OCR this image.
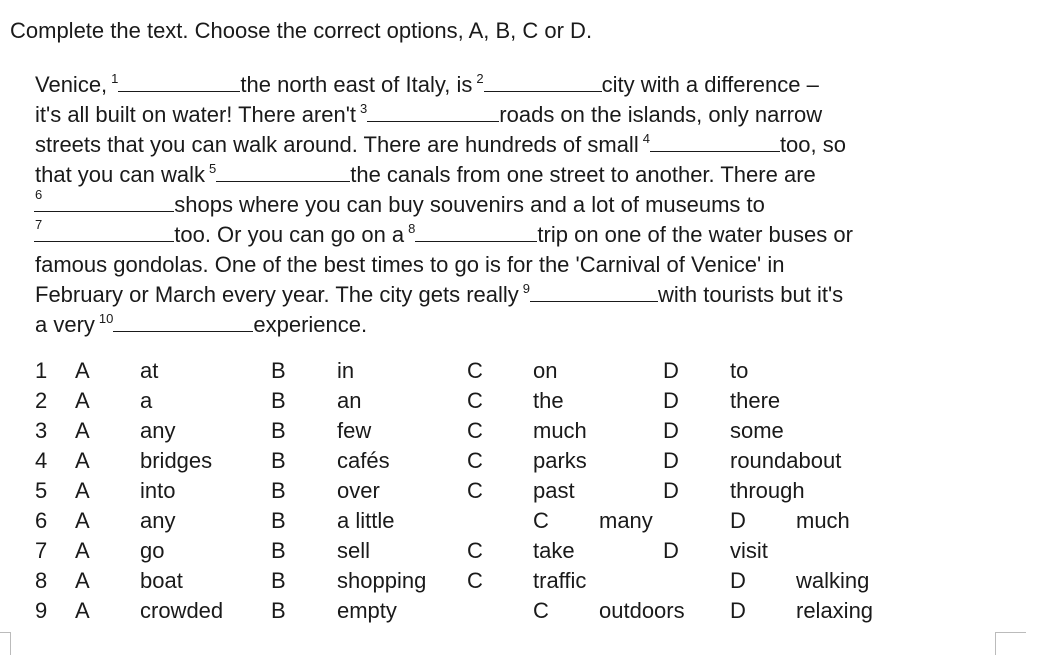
Complete the text. Choose the correct options, A, B, C or D.
Venice,1	the north east of Italy, is2	city with a difference –
it's all built on water! There aren't3	roads on the islands, only narrow
streets that you can walk around. There are hundreds of small4	too, so
that you can walk5	the canals from one street to another. There are
6	shops where you can buy souvenirs and a lot of museums to
7	too. Or you can go on a8	trip on one of the water buses or
famous gondolas. One of the best times to go is for the 'Carnival of Venice' in
February or March every year. The city gets really9	with tourists but it's
a very10	experience.
1 A at	B in	C on	D to
2 A a	B an	C the	D there
3 A any	B few	C much	D some
4 A bridges	B cafés	C parks	D roundabout
5 A into	B over	C past	D through
6 A any	B a little	C many	D much
7 A go	B sell	C take	D visit
8 A boat	B shopping C traffic	D walking
9 A crowded B empty	C outdoors D relaxing
